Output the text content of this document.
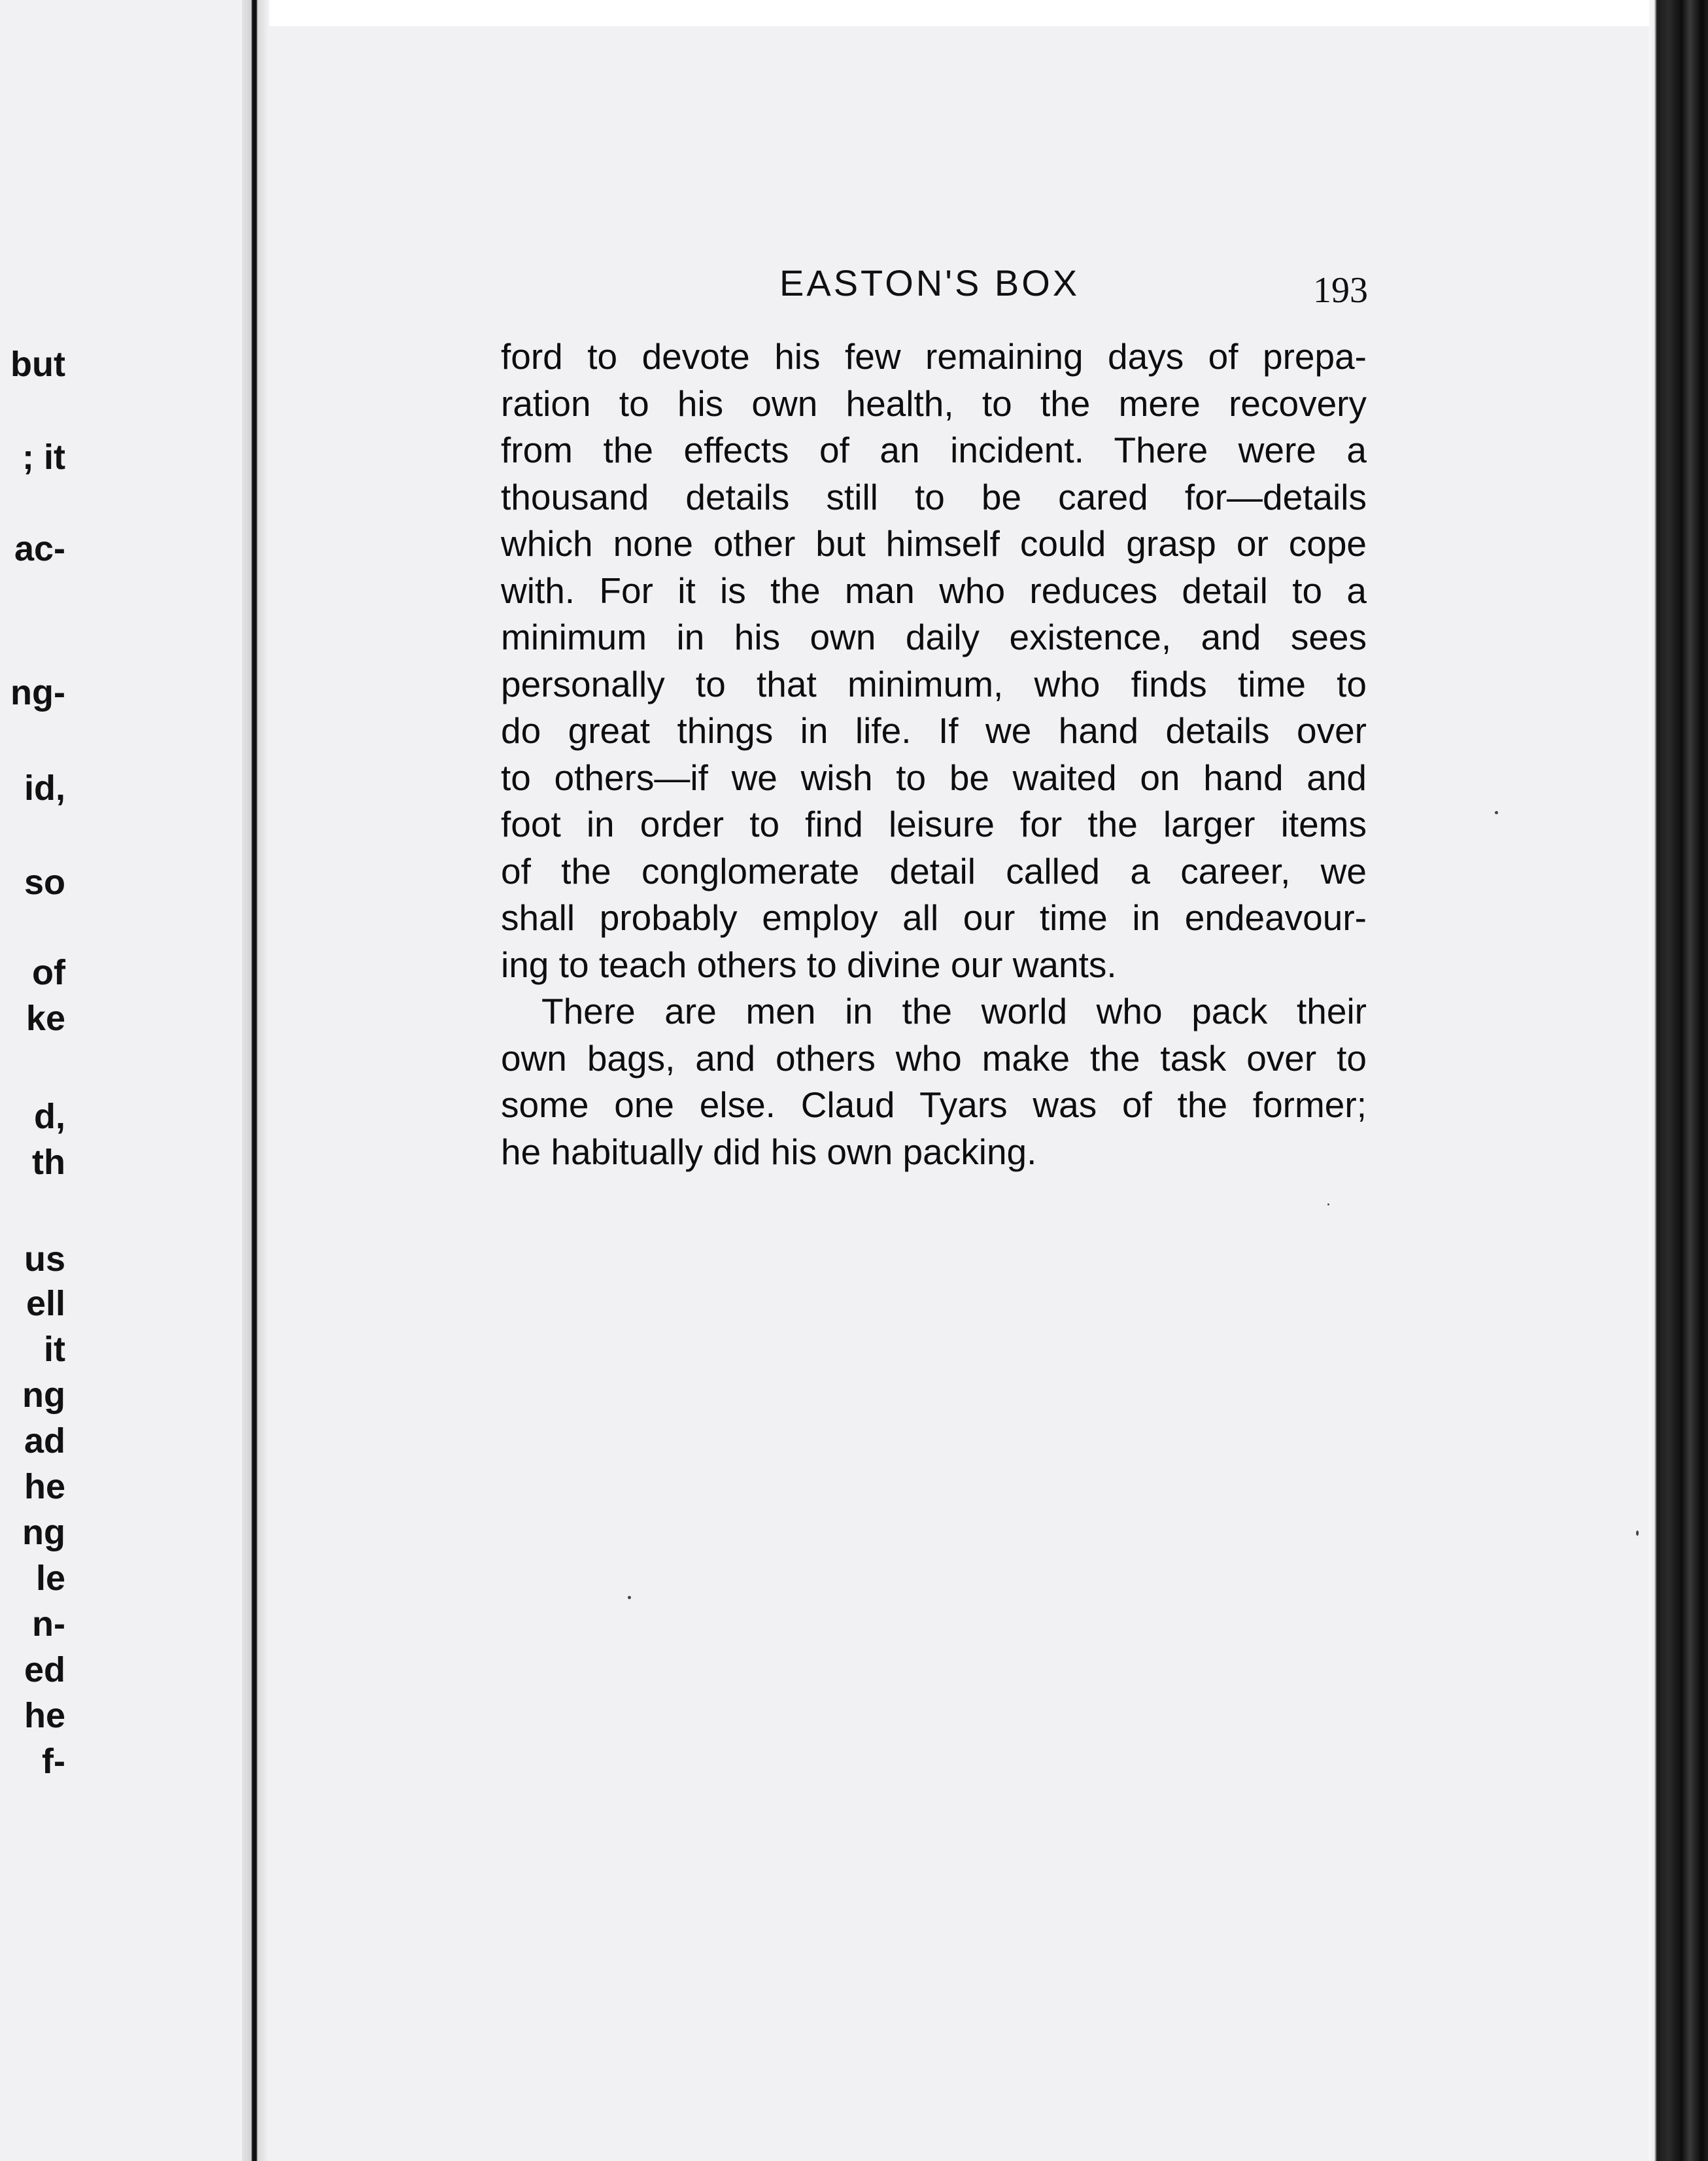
but
; it
ac-
ng-
id,
so
of
ke
d,
th
us
ell
it
ng
ad
he
ng
le
n-
ed
he
f-
EASTON'S BOX	193

ford to devote his few remaining days of prepa-
ration to his own health, to the mere recovery
from the effects of an incident. There were a
thousand details still to be cared for—details
which none other but himself could grasp or cope
with. For it is the man who reduces detail to a
minimum in his own daily existence, and sees
personally to that minimum, who finds time to
do great things in life. If we hand details over
to others—if we wish to be waited on hand and
foot in order to find leisure for the larger items
of the conglomerate detail called a career, we
shall probably employ all our time in endeavour-
ing to teach others to divine our wants.

There are men in the world who pack their
own bags, and others who make the task over to
some one else. Claud Tyars was of the former;
he habitually did his own packing.
